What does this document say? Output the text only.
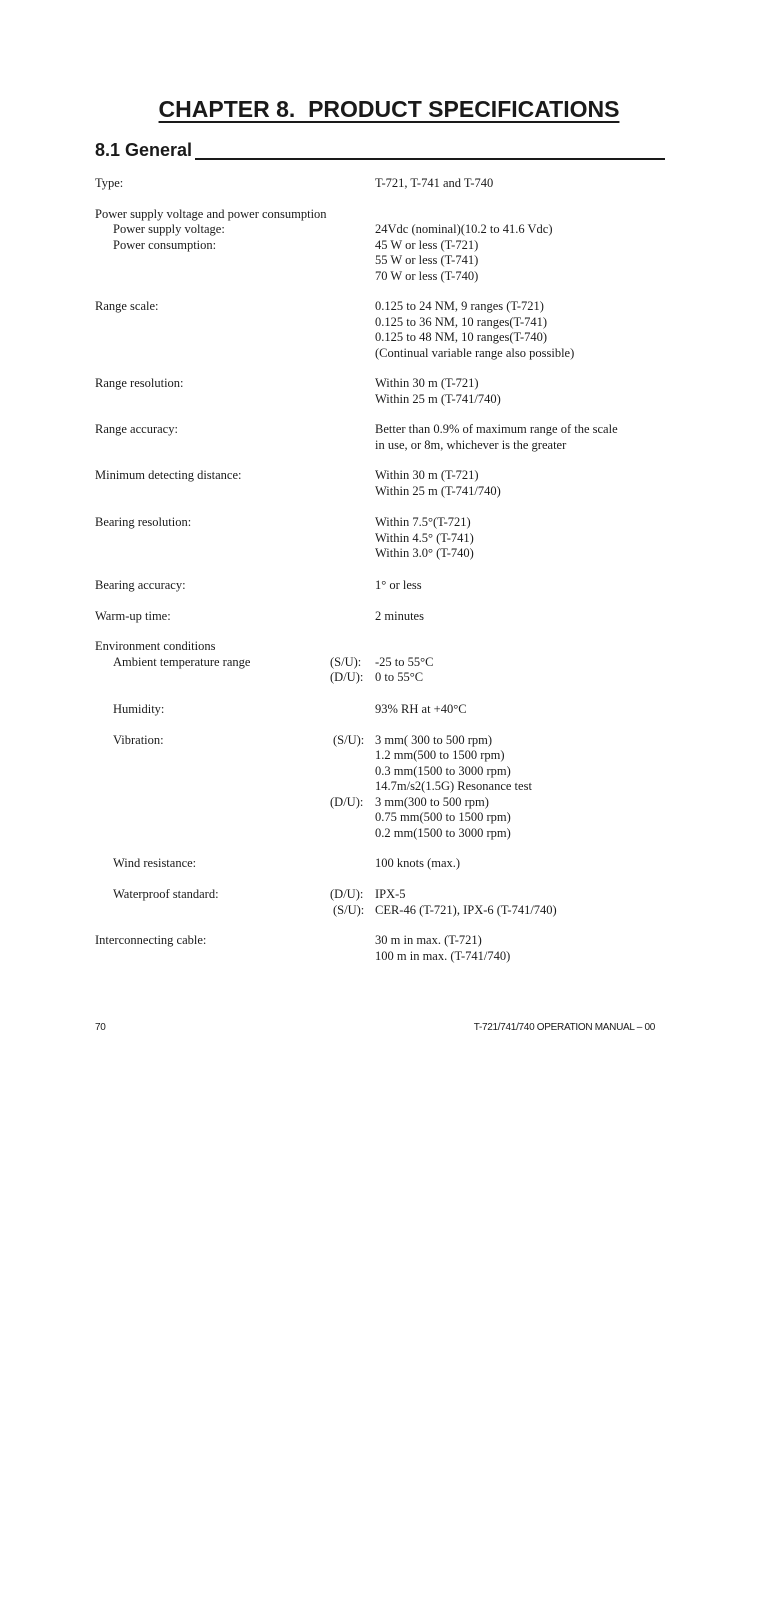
CHAPTER 8.  PRODUCT SPECIFICATIONS
8.1 General
Type:	T-721, T-741 and T-740
Power supply voltage and power consumption
Power supply voltage:	24Vdc (nominal)(10.2 to 41.6 Vdc)
Power consumption:	45 W or less (T-721)
55 W or less (T-741)
70 W or less (T-740)
Range scale:	0.125 to 24 NM, 9 ranges (T-721)
0.125 to 36 NM, 10 ranges(T-741)
0.125 to 48 NM, 10 ranges(T-740)
(Continual variable range also possible)
Range resolution:	Within 30 m (T-721)
Within 25 m (T-741/740)
Range accuracy:	Better than 0.9% of maximum range of the scale
in use, or 8m, whichever is the greater
Minimum detecting distance:	Within 30 m (T-721)
Within 25 m (T-741/740)
Bearing resolution:	Within 7.5°(T-721)
Within 4.5° (T-741)
Within 3.0° (T-740)
Bearing accuracy:	1° or less
Warm-up time:	2 minutes
Environment conditions
Ambient temperature range	(S/U): -25 to 55°C
(D/U): 0 to 55°C
Humidity:	93% RH at +40°C
Vibration:	(S/U): 3 mm( 300 to 500 rpm)
1.2 mm(500 to 1500 rpm)
0.3 mm(1500 to 3000 rpm)
14.7m/s2(1.5G) Resonance test
(D/U): 3 mm(300 to 500 rpm)
0.75 mm(500 to 1500 rpm)
0.2 mm(1500 to 3000 rpm)
Wind resistance:	100 knots (max.)
Waterproof standard:	(D/U): IPX-5
(S/U): CER-46 (T-721), IPX-6 (T-741/740)
Interconnecting cable:	30 m in max. (T-721)
100 m in max. (T-741/740)
70	T-721/741/740 OPERATION MANUAL – 00
